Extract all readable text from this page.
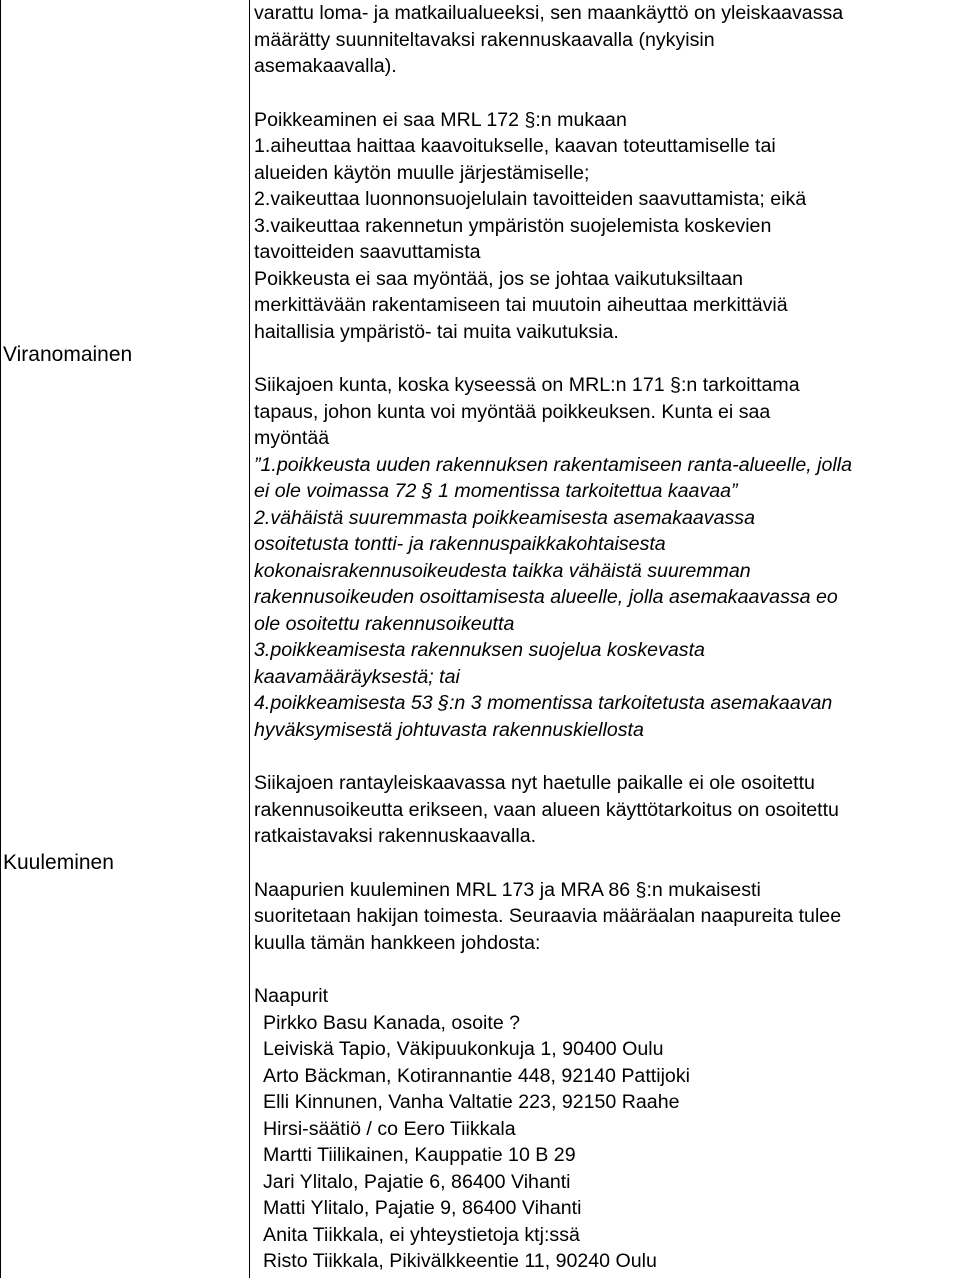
Viranomainen
Kuuleminen
varattu loma- ja matkailualueeksi, sen maankäyttö on yleiskaavassa
määrätty suunniteltavaksi rakennuskaavalla (nykyisin
asemakaavalla).
Poikkeaminen ei saa MRL 172 §:n mukaan
1.aiheuttaa haittaa kaavoitukselle, kaavan toteuttamiselle tai
alueiden käytön muulle järjestämiselle;
2.vaikeuttaa luonnonsuojelulain tavoitteiden saavuttamista; eikä
3.vaikeuttaa rakennetun ympäristön suojelemista koskevien
tavoitteiden saavuttamista
Poikkeusta ei saa myöntää, jos se johtaa vaikutuksiltaan
merkittävään rakentamiseen tai muutoin aiheuttaa merkittäviä
haitallisia ympäristö- tai muita vaikutuksia.
Siikajoen kunta, koska kyseessä on MRL:n 171 §:n tarkoittama
tapaus, johon kunta voi myöntää poikkeuksen. Kunta ei saa
myöntää
”1.poikkeusta uuden rakennuksen rakentamiseen ranta-alueelle, jolla
ei ole voimassa 72 § 1 momentissa tarkoitettua kaavaa”
2.vähäistä suuremmasta poikkeamisesta asemakaavassa
osoitetusta tontti- ja rakennuspaikkakohtaisesta
kokonaisrakennusoikeudesta taikka vähäistä suuremman
rakennusoikeuden osoittamisesta alueelle, jolla asemakaavassa eo
ole osoitettu rakennusoikeutta
3.poikkeamisesta rakennuksen suojelua koskevasta
kaavamääräyksestä; tai
4.poikkeamisesta 53 §:n 3 momentissa tarkoitetusta asemakaavan
hyväksymisestä johtuvasta rakennuskiellosta
Siikajoen rantayleiskaavassa nyt haetulle paikalle ei ole osoitettu
rakennusoikeutta erikseen, vaan alueen käyttötarkoitus on osoitettu
ratkaistavaksi rakennuskaavalla.
Naapurien kuuleminen MRL 173 ja MRA 86 §:n mukaisesti
suoritetaan hakijan toimesta. Seuraavia määräalan naapureita tulee
kuulla tämän hankkeen johdosta:
Naapurit
Pirkko Basu Kanada, osoite ?
Leiviskä Tapio, Väkipuukonkuja 1, 90400 Oulu
Arto Bäckman, Kotirannantie 448, 92140 Pattijoki
Elli Kinnunen, Vanha Valtatie 223, 92150 Raahe
Hirsi-säätiö / co Eero Tiikkala
Martti Tiilikainen, Kauppatie 10 B 29
Jari Ylitalo, Pajatie 6, 86400 Vihanti
Matti Ylitalo, Pajatie 9, 86400 Vihanti
Anita Tiikkala, ei yhteystietoja ktj:ssä
Risto Tiikkala, Pikivälkkeentie 11, 90240 Oulu
